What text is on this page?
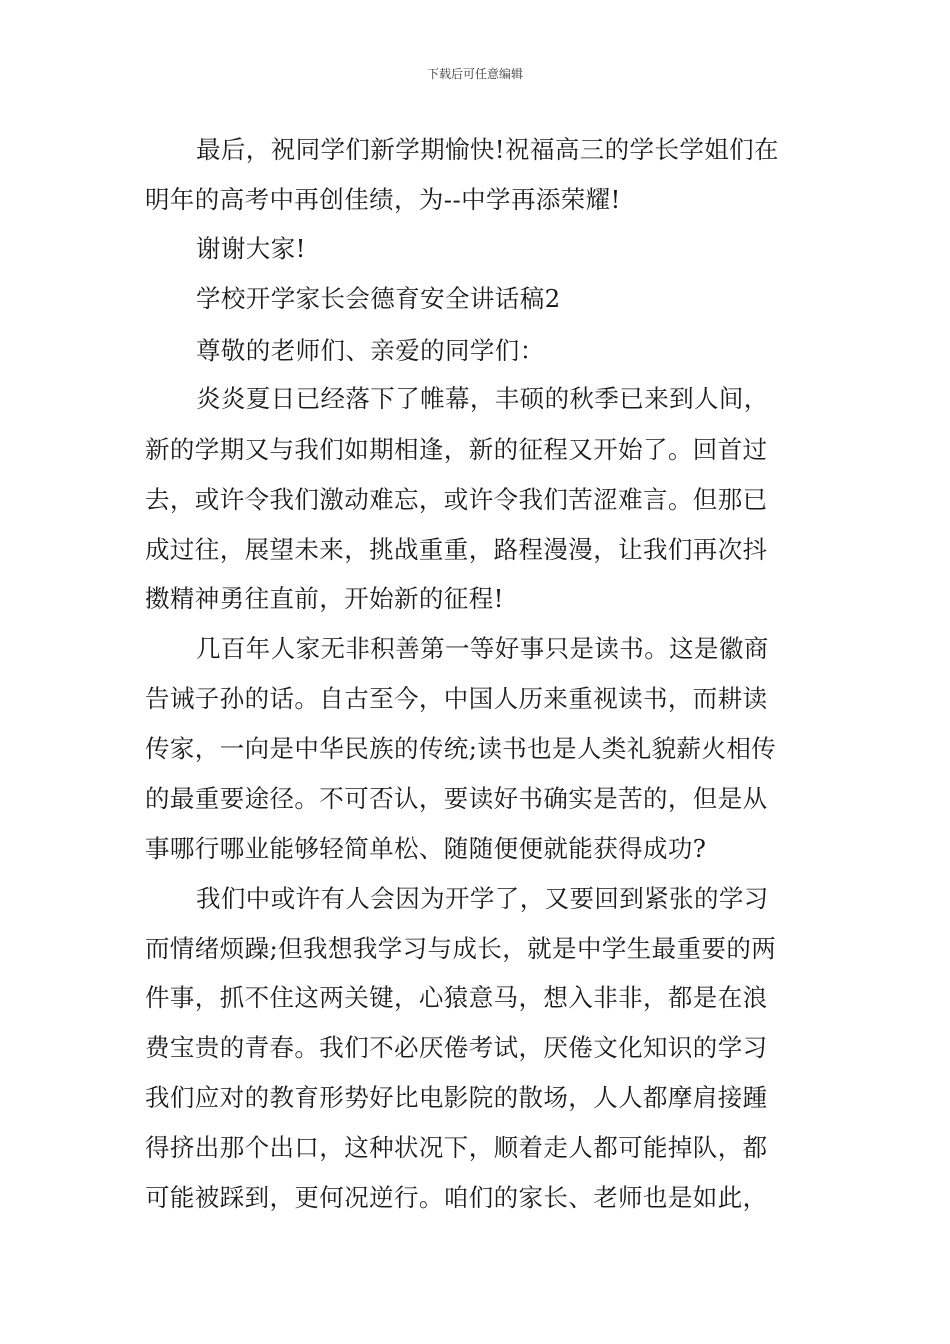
下载后可任意编辑
最后，祝同学们新学期愉快!祝福高三的学长学姐们在
明年的高考中再创佳绩，为--中学再添荣耀!
谢谢大家!
学校开学家长会德育安全讲话稿2
尊敬的老师们、亲爱的同学们：
炎炎夏日已经落下了帷幕，丰硕的秋季已来到人间，
新的学期又与我们如期相逢，新的征程又开始了。回首过
去，或许令我们激动难忘，或许令我们苦涩难言。但那已
成过往，展望未来，挑战重重，路程漫漫，让我们再次抖
擞精神勇往直前，开始新的征程!
几百年人家无非积善第一等好事只是读书。这是徽商
告诫子孙的话。自古至今，中国人历来重视读书，而耕读
传家，一向是中华民族的传统;读书也是人类礼貌薪火相传
的最重要途径。不可否认，要读好书确实是苦的，但是从
事哪行哪业能够轻简单松、随随便便就能获得成功?
我们中或许有人会因为开学了，又要回到紧张的学习
而情绪烦躁;但我想我学习与成长，就是中学生最重要的两
件事，抓不住这两关键，心猿意马，想入非非，都是在浪
费宝贵的青春。我们不必厌倦考试，厌倦文化知识的学习
我们应对的教育形势好比电影院的散场，人人都摩肩接踵
得挤出那个出口，这种状况下，顺着走人都可能掉队，都
可能被踩到，更何况逆行。咱们的家长、老师也是如此，
